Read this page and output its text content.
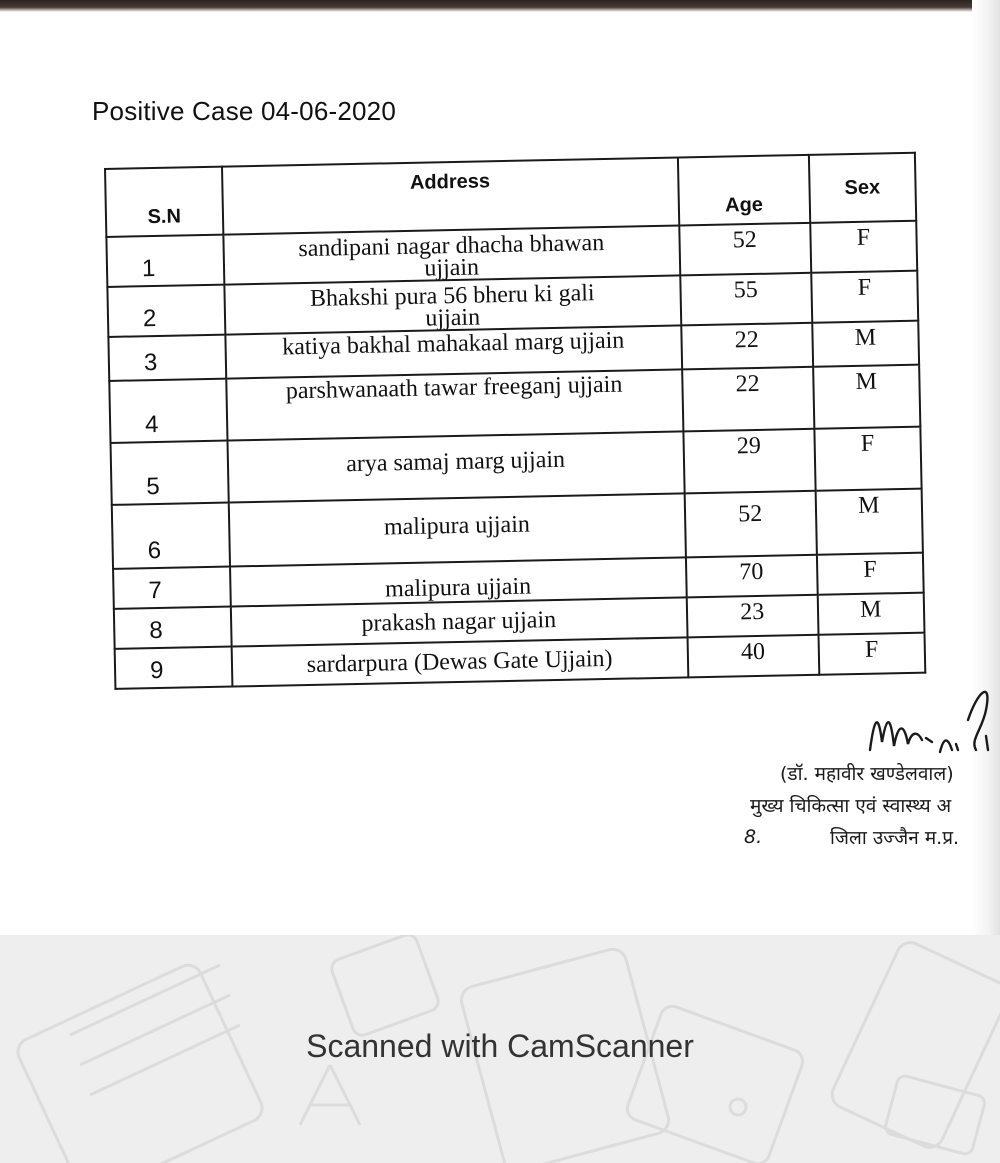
Positive Case 04-06-2020
S.N	Address	Age	Sex
1	sandipani nagar dhacha bhawan ujjain	52	F
2	Bhakshi pura 56 bheru ki gali ujjain	55	F
3	katiya bakhal mahakaal marg ujjain	22	M
4	parshwanaath tawar freeganj ujjain	22	M
5	arya samaj marg ujjain	29	F
6	malipura ujjain	52	M
7	malipura ujjain	70	F
8	prakash nagar ujjain	23	M
9	sardarpura (Dewas Gate Ujjain)	40	F
(डॉ. महावीर खण्डेलवाल)
मुख्य चिकित्सा एवं स्वास्थ्य अ
8.	जिला उज्जैन म.प्र.
Scanned with CamScanner
